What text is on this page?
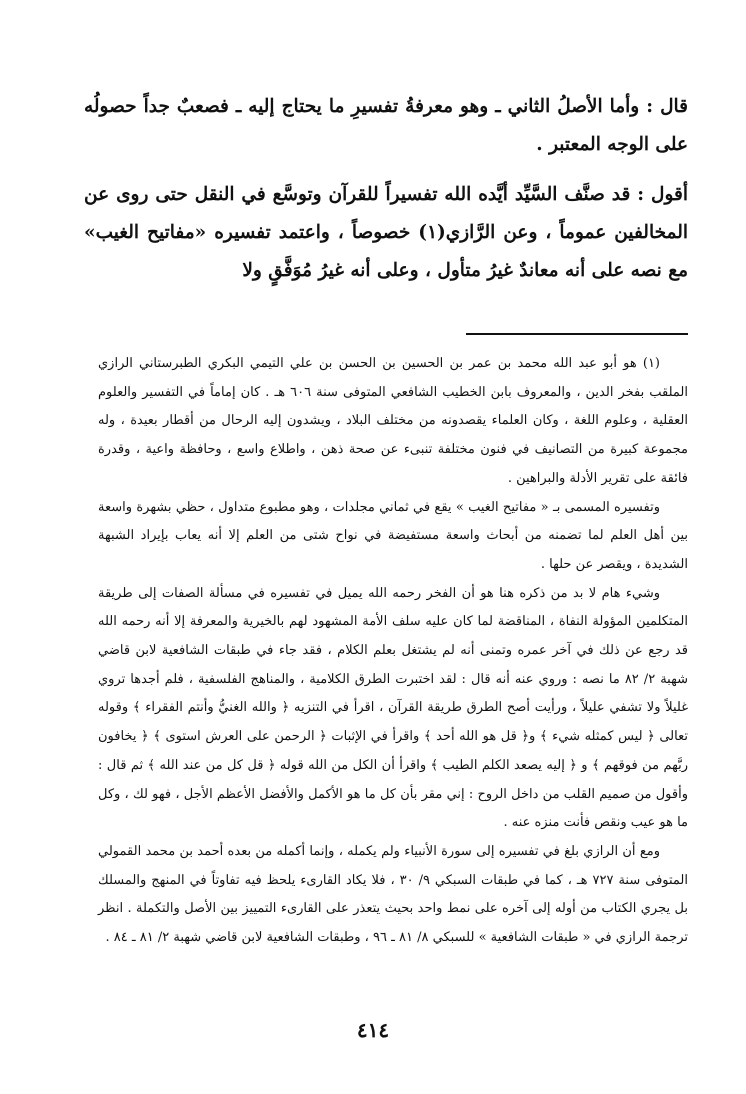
قال : وأما الأصلُ الثاني ـ وهو معرفةُ تفسيرِ ما يحتاج إليه ـ فصعبٌ جداً حصولُه على الوجه المعتبر .

أقول : قد صنَّف السَّيِّد أيَّده الله تفسيراً للقرآن وتوسَّع في النقل حتى روى عن المخالفين عموماً ، وعن الرَّازي(١) خصوصاً ، واعتمد تفسيره «مفاتيح الغيب» مع نصه على أنه معاندٌ غيرُ متأول ، وعلى أنه غيرُ مُوَفَّقٍ ولا

(١) هو أبو عبد الله محمد بن عمر بن الحسين بن الحسن بن علي التيمي البكري الطبرستاني الرازي الملقب بفخر الدين ، والمعروف بابن الخطيب الشافعي المتوفى سنة ٦٠٦ هـ . كان إماماً في التفسير والعلوم العقلية ، وعلوم اللغة ، وكان العلماء يقصدونه من مختلف البلاد ، ويشدون إليه الرحال من أقطار بعيدة ، وله مجموعة كبيرة من التصانيف في فنون مختلفة تنبىء عن صحة ذهن ، واطلاع واسع ، وحافظة واعية ، وقدرة فائقة على تقرير الأدلة والبراهين .

وتفسيره المسمى بـ « مفاتيح الغيب » يقع في ثماني مجلدات ، وهو مطبوع متداول ، حظي بشهرة واسعة بين أهل العلم لما تضمنه من أبحاث واسعة مستفيضة في نواح شتى من العلم إلا أنه يعاب بإيراد الشبهة الشديدة ، ويقصر عن حلها .

وشيء هام لا بد من ذكره هنا هو أن الفخر رحمه الله يميل في تفسيره في مسألة الصفات إلى طريقة المتكلمين المؤولة النفاة ، المناقضة لما كان عليه سلف الأمة المشهود لهم بالخيرية والمعرفة إلا أنه رحمه الله قد رجع عن ذلك في آخر عمره وتمنى أنه لم يشتغل بعلم الكلام ، فقد جاء في طبقات الشافعية لابن قاضي شهبة ٢/ ٨٢ ما نصه : وروي عنه أنه قال : لقد اختبرت الطرق الكلامية ، والمناهج الفلسفية ، فلم أجدها تروي غليلاً ولا تشفي عليلاً ، ورأيت أصح الطرق طريقة القرآن ، اقرأ في التنزيه ﴿ والله الغنيُّ وأنتم الفقراء ﴾ وقوله تعالى ﴿ ليس كمثله شيء ﴾ و﴿ قل هو الله أحد ﴾ واقرأ في الإثبات ﴿ الرحمن على العرش استوى ﴾ ﴿ يخافون ربَّهم من فوقهم ﴾ و ﴿ إليه يصعد الكلم الطيب ﴾ واقرأ أن الكل من الله قوله ﴿ قل كل من عند الله ﴾ ثم قال : وأقول من صميم القلب من داخل الروح : إني مقر بأن كل ما هو الأكمل والأفضل الأعظم الأجل ، فهو لك ، وكل ما هو عيب ونقص فأنت منزه عنه .

ومع أن الرازي بلغ في تفسيره إلى سورة الأنبياء ولم يكمله ، وإنما أكمله من بعده أحمد بن محمد القمولي المتوفى سنة ٧٢٧ هـ ، كما في طبقات السبكي ٩/ ٣٠ ، فلا يكاد القارىء يلحظ فيه تفاوتاً في المنهج والمسلك بل يجري الكتاب من أوله إلى آخره على نمط واحد بحيث يتعذر على القارىء التمييز بين الأصل والتكملة . انظر ترجمة الرازي في « طبقات الشافعية » للسبكي ٨/ ٨١ ـ ٩٦ ، وطبقات الشافعية لابن قاضي شهبة ٢/ ٨١ ـ ٨٤ .

٤١٤
